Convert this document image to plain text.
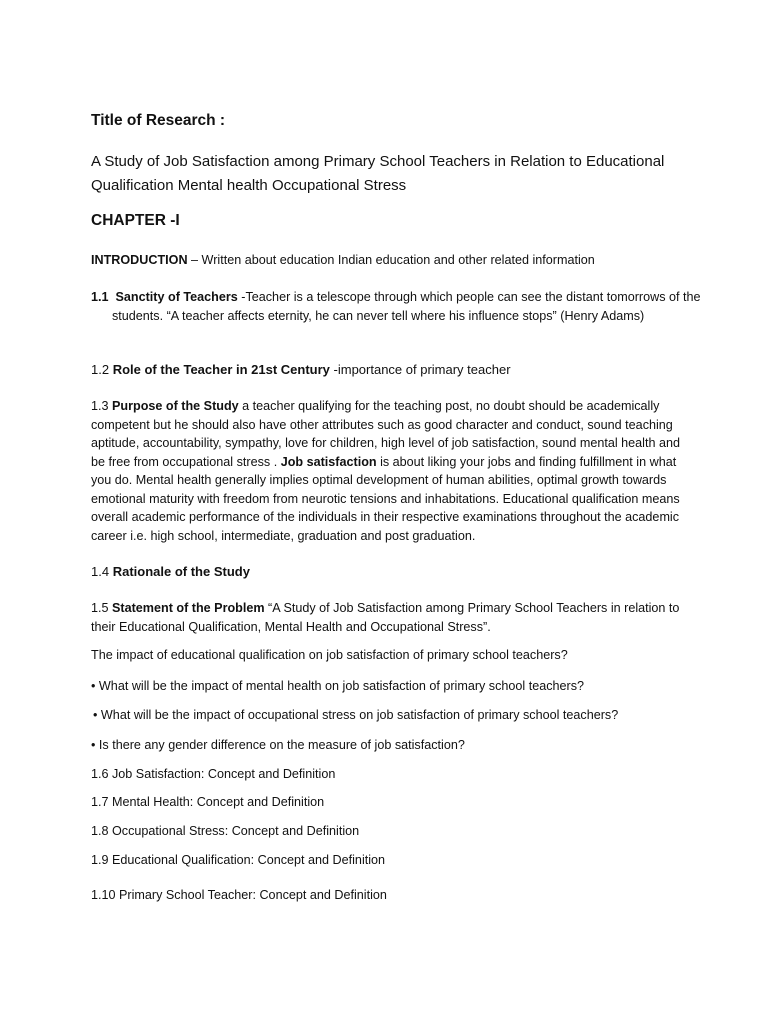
Title of Research :
A Study of Job Satisfaction among Primary School Teachers in Relation to Educational Qualification Mental health Occupational Stress
CHAPTER -I
INTRODUCTION – Written about education Indian education and other related information
1.1 Sanctity of Teachers -Teacher is a telescope through which people can see the distant tomorrows of the students. “A teacher affects eternity, he can never tell where his influence stops” (Henry Adams)
1.2 Role of the Teacher in 21st Century -importance of primary teacher
1.3 Purpose of the Study a teacher qualifying for the teaching post, no doubt should be academically competent but he should also have other attributes such as good character and conduct, sound teaching aptitude, accountability, sympathy, love for children, high level of job satisfaction, sound mental health and be free from occupational stress . Job satisfaction is about liking your jobs and finding fulfillment in what you do. Mental health generally implies optimal development of human abilities, optimal growth towards emotional maturity with freedom from neurotic tensions and inhabitations. Educational qualification means overall academic performance of the individuals in their respective examinations throughout the academic career i.e. high school, intermediate, graduation and post graduation.
1.4 Rationale of the Study
1.5 Statement of the Problem “A Study of Job Satisfaction among Primary School Teachers in relation to their Educational Qualification, Mental Health and Occupational Stress”.
The impact of educational qualification on job satisfaction of primary school teachers?
• What will be the impact of mental health on job satisfaction of primary school teachers?
• What will be the impact of occupational stress on job satisfaction of primary school teachers?
• Is there any gender difference on the measure of job satisfaction?
1.6 Job Satisfaction: Concept and Definition
1.7 Mental Health: Concept and Definition
1.8 Occupational Stress: Concept and Definition
1.9 Educational Qualification: Concept and Definition
1.10 Primary School Teacher: Concept and Definition
